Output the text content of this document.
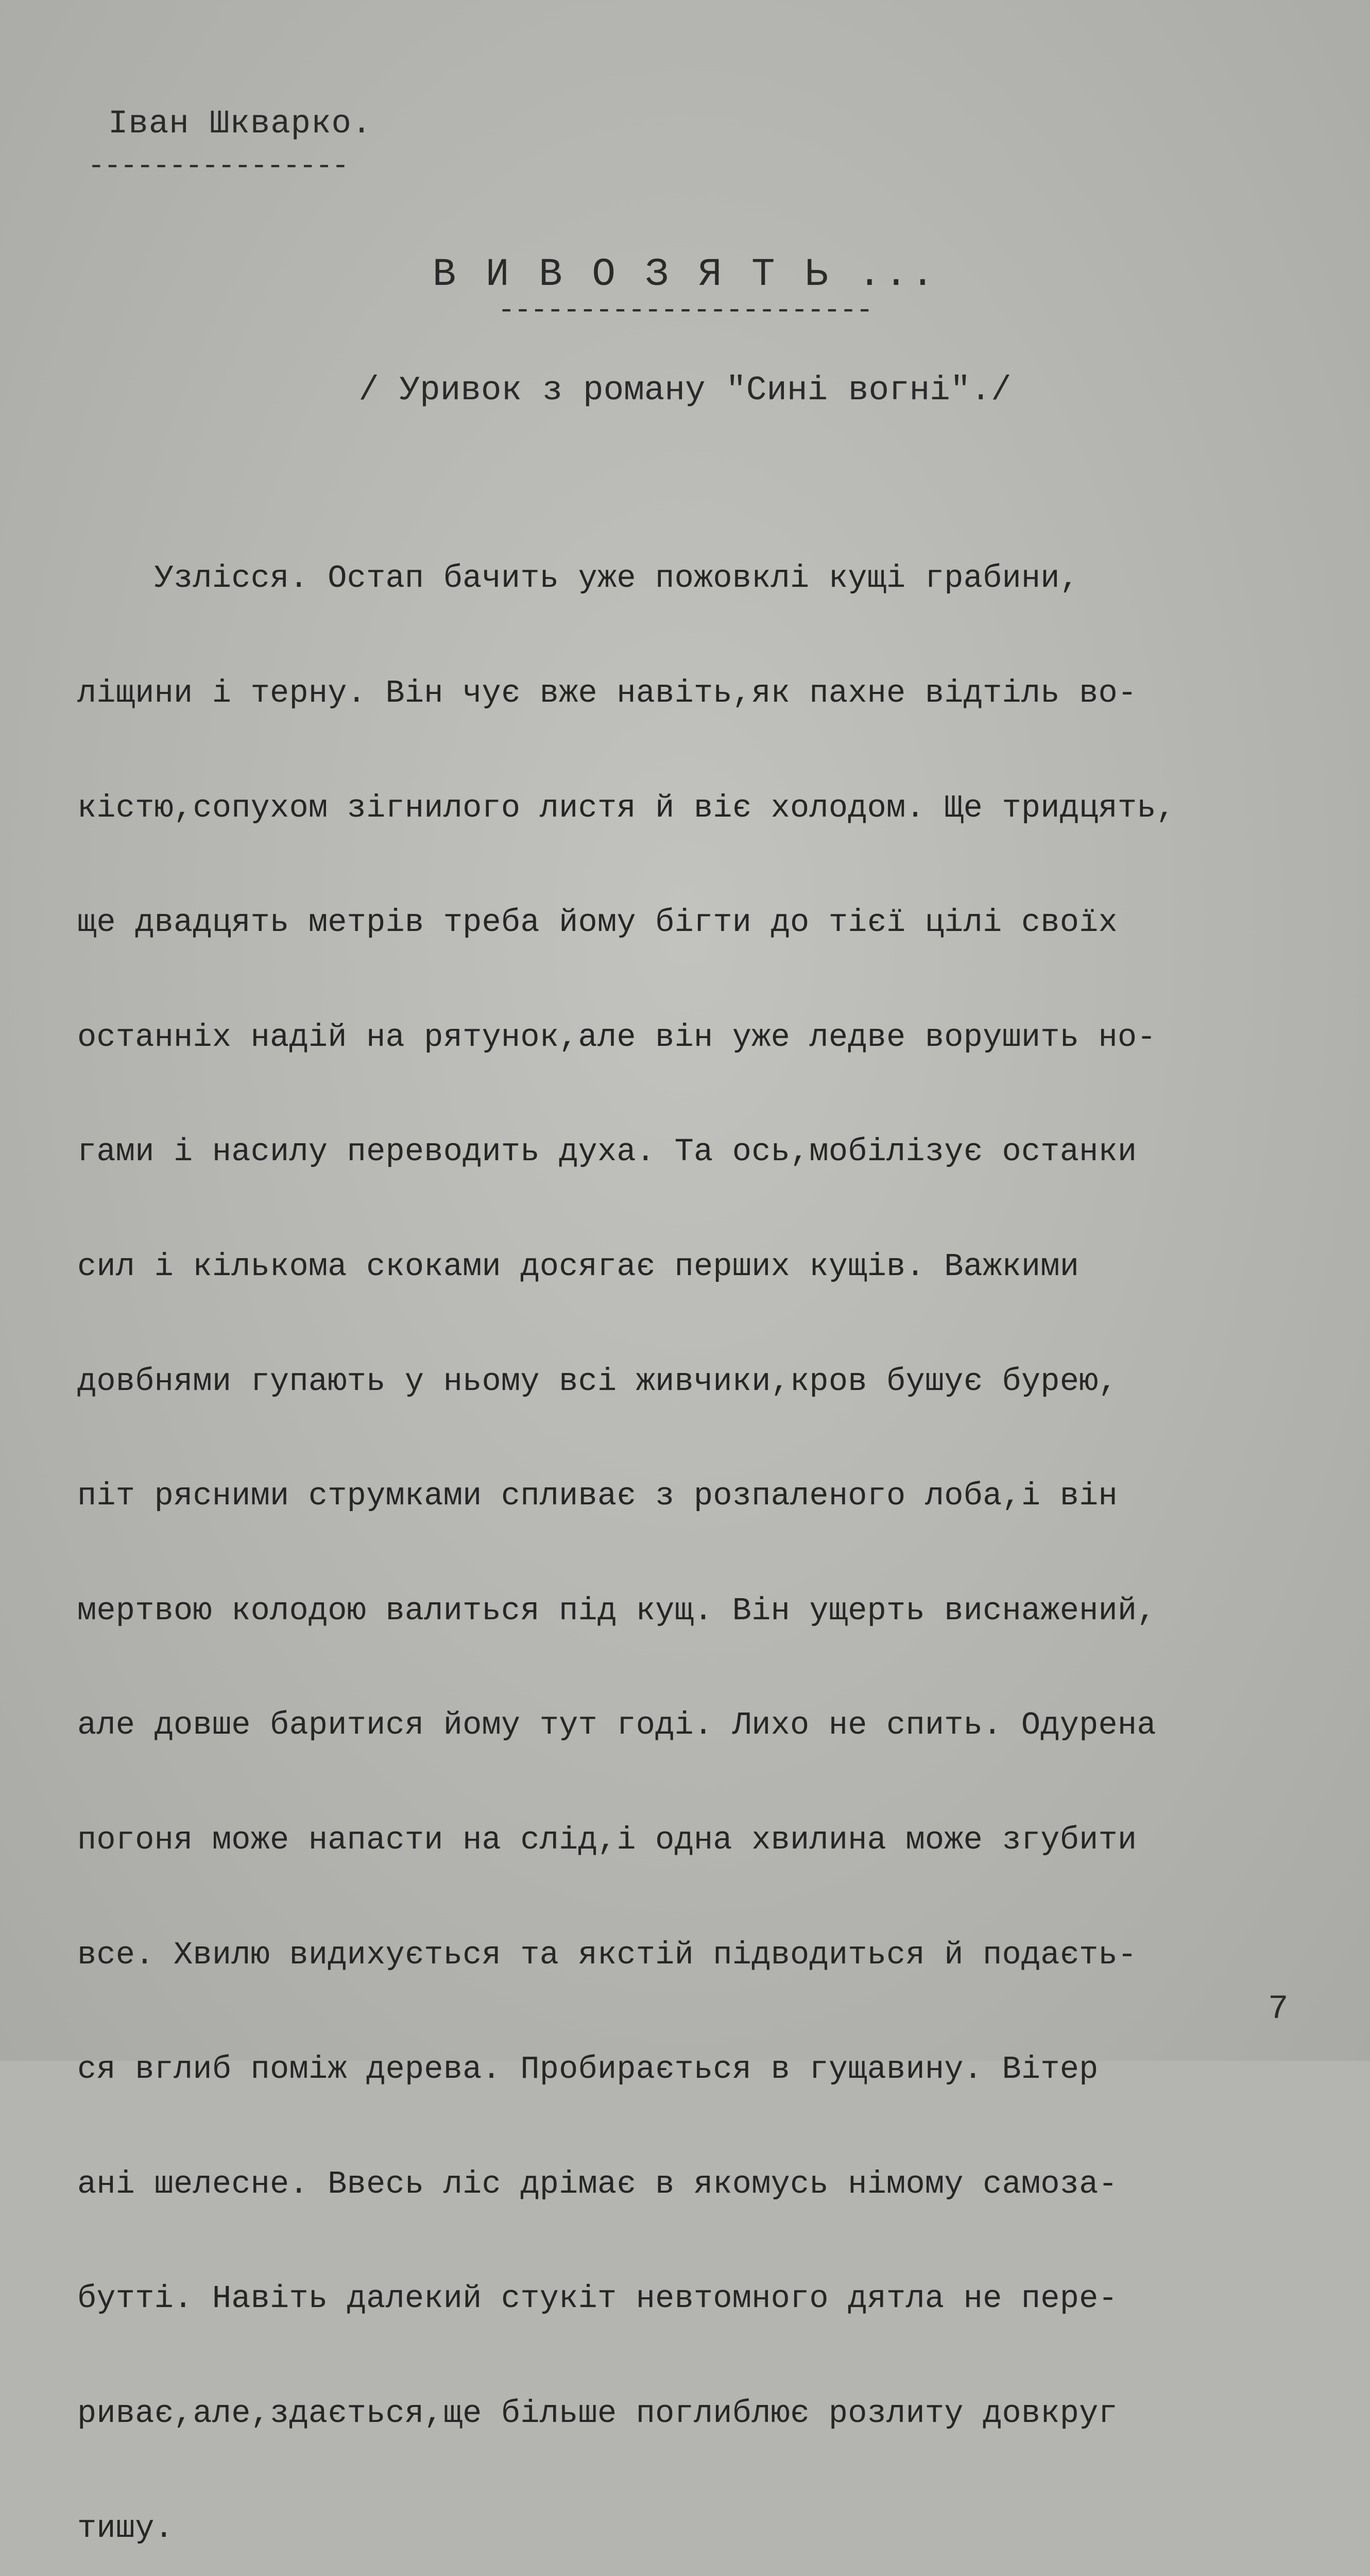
Іван Шкварко.
----------------
В И В О З Я Т Ь ...
-----------------------
/ Уривок з роману "Сині вогні"./

Узлісся. Остап бачить уже пожовклі кущі грабини,

ліщини і терну. Він чує вже навіть,як пахне відтіль во-

кістю,сопухом зігнилого листя й віє холодом. Ще тридцять,

ще двадцять метрів треба йому бігти до тієї цілі своїх

останніх надій на рятунок,але він уже ледве ворушить но-

гами і насилу переводить духа. Та ось,мобілізує останки

сил і кількома скоками досягає перших кущів. Важкими

довбнями гупають у ньому всі живчики,кров бушує бурею,

піт рясними струмками спливає з розпаленого лоба,і він

мертвою колодою валиться під кущ. Він ущерть виснажений,

але довше баритися йому тут годі. Лихо не спить. Одурена

погоня може напасти на слід,і одна хвилина може згубити

все. Хвилю видихується та якстій підводиться й подаєть-

ся вглиб поміж дерева. Пробирається в гущавину. Вітер

ані шелесне. Ввесь ліс дрімає в якомусь німому самоза-

бутті. Навіть далекий стукіт невтомного дятла не пере-

риває,але,здається,ще більше поглиблює розлиту довкруг

тишу.

7
